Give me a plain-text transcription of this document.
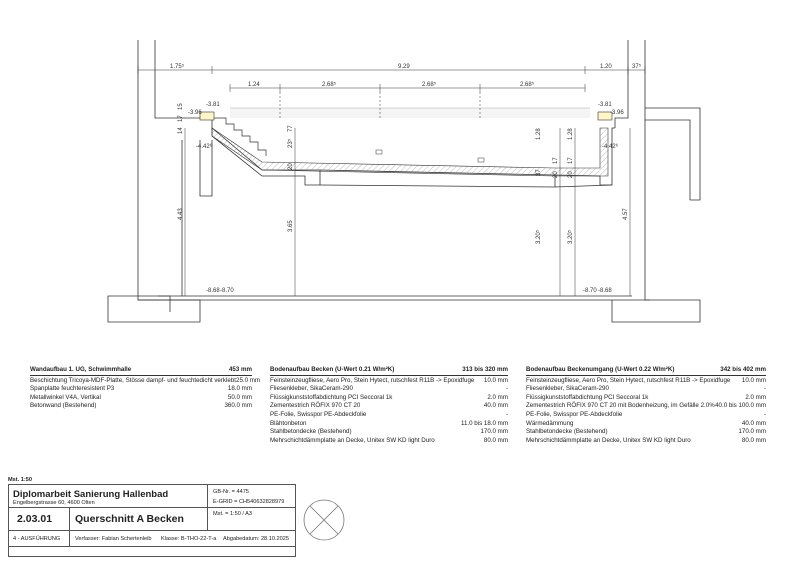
1.75⁵	9.29	1.20	37⁵
1.24	2.68⁵	2.68⁵	2.68⁵
-3.81
-3.96
-4.42⁶
-3.81
-3.96
-4.42⁶
-8.68 -8.70	-8.70 -8.68
15
14
17
4.43
3.65
20
77
23⁵
1.28	1.28
17
20
37
3.20⁵	3.20⁵
4.57
17
20
Wandaufbau 1. UG, Schwimmhalle	453 mm
Beschichtung Tricoya-MDF-Platte, Stösse dampf- und feuchtedicht verklebt 25.0 mm
Spanplatte feuchteresistent P3	18.0 mm
Metallwinkel V4A, Vertikal	50.0 mm
Betonwand (Bestehend)	360.0 mm
Bodenaufbau Becken (U-Wert 0.21 W/m²K)	313 bis 320 mm
Feinsteinzeugfliese, Aero Pro, Stein Hytect, rutschfest R11B -> Epoxidfuge 10.0 mm
Fliesenkleber, SikaCeram-290	-
Flüssigkunststoffabdichtung PCI Seccoral 1k	2.0 mm
Zementestrich RÖFIX 970 CT 20	40.0 mm
PE-Folie, Swisspor PE-Abdeckfolie	-
Blähtonbeton	11.0 bis 18.0 mm
Stahlbetondecke (Bestehend)	170.0 mm
Mehrschichtdämmplatte an Decke, Unitex SW KD light Duro	80.0 mm
Bodenaufbau Beckenumgang (U-Wert 0.22 W/m²K)	342 bis 402 mm
Feinsteinzeugfliese, Aero Pro, Stein Hytect, rutschfest R11B -> Epoxidfuge 10.0 mm
Fliesenkleber, SikaCeram-290	-
Flüssigkunststoffabdichtung PCI Seccoral 1k	2.0 mm
Zementestrich RÖFIX 970 CT 20 mit Bodenheizung, im Gefälle 2.0% 40.0 bis 100.0 mm
PE-Folie, Swisspor PE-Abdeckfolie	-
Wärmedämmung	40.0 mm
Stahlbetondecke (Bestehend)	170.0 mm
Mehrschichtdämmplatte an Decke, Unitex SW KD light Duro	80.0 mm
Mst. 1:50
Diplomarbeit Sanierung Hallenbad
Engelbergstrasse 60, 4600 Olten
GB-Nr. = 4475
E-GRID = CH540632828979
Mst. = 1:50 / A3
2.03.01 Querschnitt A Becken
4 - AUSFÜHRUNG	Verfasser: Fabian Schertenleib Klasse: B-THO-22-T-a Abgabedatum: 28.10.2025
